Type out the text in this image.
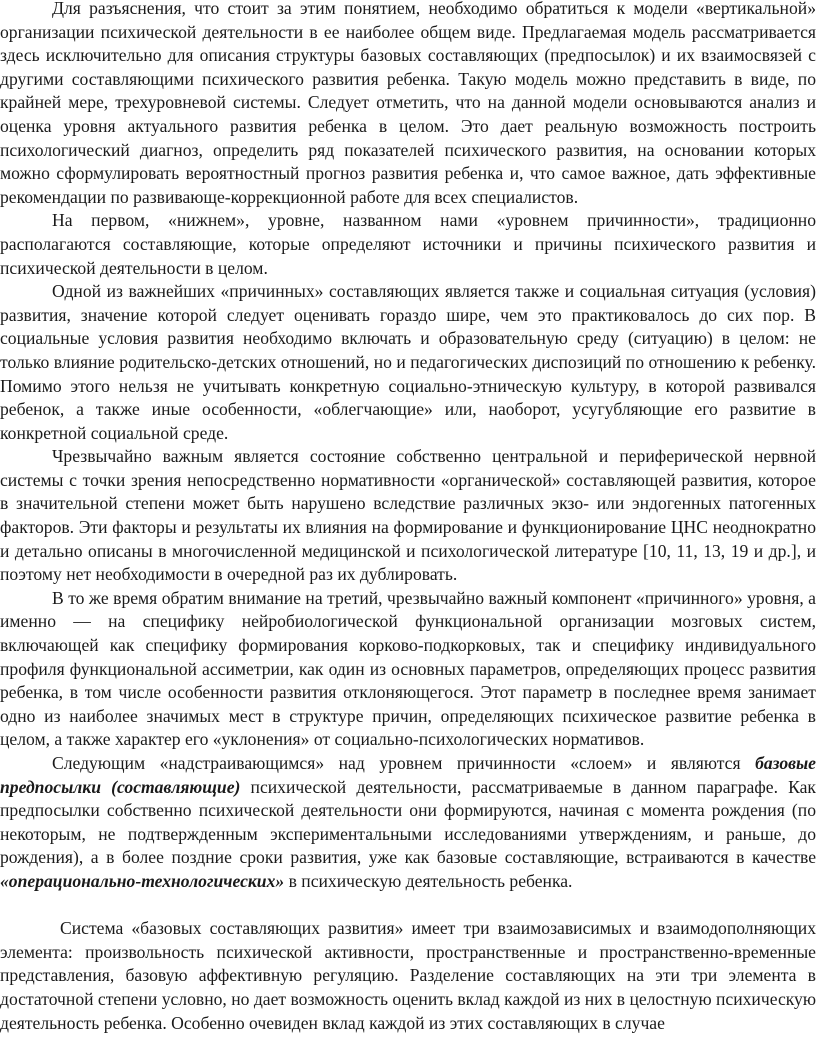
Для разъяснения, что стоит за этим понятием, необходимо обратиться к модели «вертикальной» организации психической деятельности в ее наиболее общем виде. Предлагаемая модель рассматривается здесь исключительно для описания структуры базовых составляющих (предпосылок) и их взаимосвязей с другими составляющими психического развития ребенка. Такую модель можно представить в виде, по крайней мере, трехуровневой системы. Следует отметить, что на данной модели основываются анализ и оценка уровня актуального развития ребенка в целом. Это дает реальную возможность построить психологический диагноз, определить ряд показателей психического развития, на основании которых можно сформулировать вероятностный прогноз развития ребенка и, что самое важное, дать эффективные рекомендации по развивающе-коррекционной работе для всех специалистов.

На первом, «нижнем», уровне, названном нами «уровнем причинности», традиционно располагаются составляющие, которые определяют источники и причины психического развития и психической деятельности в целом.

Одной из важнейших «причинных» составляющих является также и социальная ситуация (условия) развития, значение которой следует оценивать гораздо шире, чем это практиковалось до сих пор. В социальные условия развития необходимо включать и образовательную среду (ситуацию) в целом: не только влияние родительско-детских отношений, но и педагогических диспозиций по отношению к ребенку. Помимо этого нельзя не учитывать конкретную социально-этническую культуру, в которой развивался ребенок, а также иные особенности, «облегчающие» или, наоборот, усугубляющие его развитие в конкретной социальной среде.

Чрезвычайно важным является состояние собственно центральной и периферической нервной системы с точки зрения непосредственно нормативности «органической» составляющей развития, которое в значительной степени может быть нарушено вследствие различных экзо- или эндогенных патогенных факторов. Эти факторы и результаты их влияния на формирование и функционирование ЦНС неоднократно и детально описаны в многочисленной медицинской и психологической литературе [10, 11, 13, 19 и др.], и поэтому нет необходимости в очередной раз их дублировать.

В то же время обратим внимание на третий, чрезвычайно важный компонент «причинного» уровня, а именно — на специфику нейробиологической функциональной организации мозговых систем, включающей как специфику формирования корково-подкорковых, так и специфику индивидуального профиля функциональной ассиметрии, как один из основных параметров, определяющих процесс развития ребенка, в том числе особенности развития отклоняющегося. Этот параметр в последнее время занимает одно из наиболее значимых мест в структуре причин, определяющих психическое развитие ребенка в целом, а также характер его «уклонения» от социально-психологических нормативов.

Следующим «надстраивающимся» над уровнем причинности «слоем» и являются базовые предпосылки (составляющие) психической деятельности, рассматриваемые в данном параграфе. Как предпосылки собственно психической деятельности они формируются, начиная с момента рождения (по некоторым, не подтвержденным экспериментальными исследованиями утверждениям, и раньше, до рождения), а в более поздние сроки развития, уже как базовые составляющие, встраиваются в качестве «операционально-технологических» в психическую деятельность ребенка.

Система «базовых составляющих развития» имеет три взаимозависимых и взаимодополняющих элемента: произвольность психической активности, пространственные и пространственно-временные представления, базовую аффективную регуляцию. Разделение составляющих на эти три элемента в достаточной степени условно, но дает возможность оценить вклад каждой из них в целостную психическую деятельность ребенка. Особенно очевиден вклад каждой из этих составляющих в случае
